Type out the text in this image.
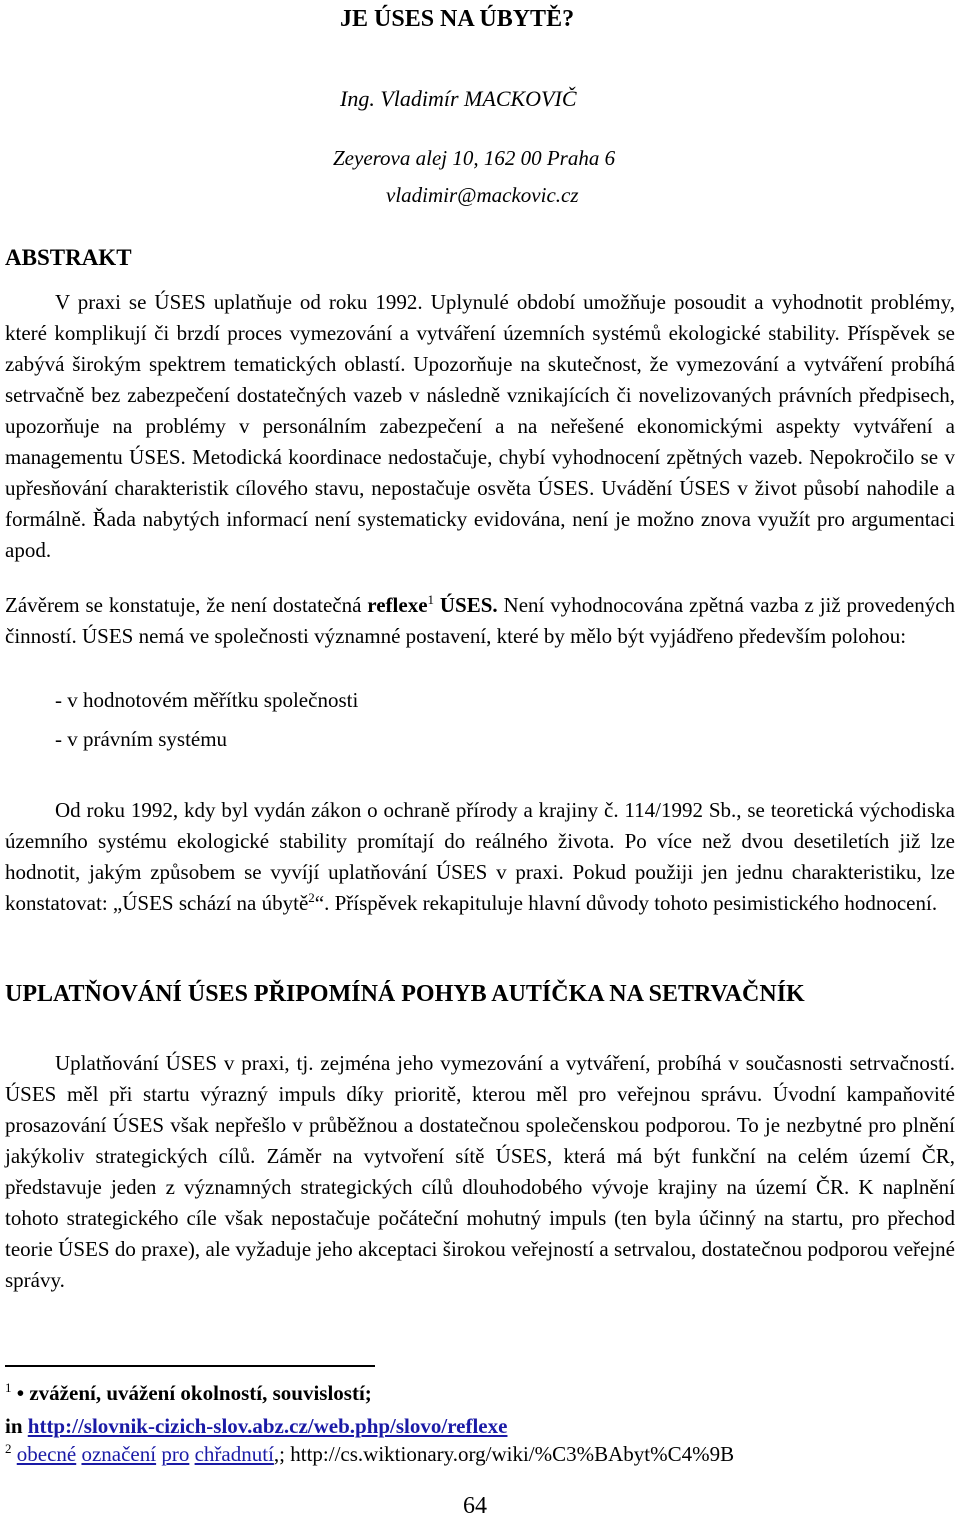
JE ÚSES NA ÚBYTĚ?
Ing. Vladimír MACKOVIČ
Zeyerova alej 10, 162 00 Praha 6
vladimir@mackovic.cz
ABSTRAKT
V praxi se ÚSES uplatňuje od roku 1992. Uplynulé období umožňuje posoudit a vyhodnotit problémy, které komplikují či brzdí proces vymezování a vytváření územních systémů ekologické stability. Příspěvek se zabývá širokým spektrem tematických oblastí. Upozorňuje na skutečnost, že vymezování a vytváření probíhá setrvačně bez zabezpečení dostatečných vazeb v následně vznikajících či novelizovaných právních předpisech, upozorňuje na problémy v personálním zabezpečení a na neřešené ekonomickými aspekty vytváření a managementu ÚSES. Metodická koordinace nedostačuje, chybí vyhodnocení zpětných vazeb. Nepokročilo se v upřesňování charakteristik cílového stavu, nepostačuje osvěta ÚSES. Uvádění ÚSES v život působí nahodile a formálně. Řada nabytých informací není systematicky evidována, není je možno znova využít pro argumentaci apod.
Závěrem se konstatuje, že není dostatečná reflexe$^1$ ÚSES. Není vyhodnocována zpětná vazba z již provedených činností. ÚSES nemá ve společnosti významné postavení, které by mělo být vyjádřeno především polohou:
- v hodnotovém měřítku společnosti
- v právním systému
Od roku 1992, kdy byl vydán zákon o ochraně přírody a krajiny č. 114/1992 Sb., se teoretická východiska územního systému ekologické stability promítají do reálného života. Po více než dvou desetiletích již lze hodnotit, jakým způsobem se vyvíjí uplatňování ÚSES v praxi. Pokud použiji jen jednu charakteristiku, lze konstatovat: „ÚSES schází na úbytě$^2$“. Příspěvek rekapituluje hlavní důvody tohoto pesimistického hodnocení.
UPLATŇOVÁNÍ ÚSES PŘIPOMÍNÁ POHYB AUTÍČKA NA SETRVAČNÍK
Uplatňování ÚSES v praxi, tj. zejména jeho vymezování a vytváření, probíhá v současnosti setrvačností. ÚSES měl při startu výrazný impuls díky prioritě, kterou měl pro veřejnou správu. Úvodní kampaňovité prosazování ÚSES však nepřešlo v průběžnou a dostatečnou společenskou podporou. To je nezbytné pro plnění jakýkoliv strategických cílů. Záměr na vytvoření sítě ÚSES, která má být funkční na celém území ČR, představuje jeden z významných strategických cílů dlouhodobého vývoje krajiny na území ČR. K naplnění tohoto strategického cíle však nepostačuje počáteční mohutný impuls (ten byla účinný na startu, pro přechod teorie ÚSES do praxe), ale vyžaduje jeho akceptaci širokou veřejností a setrvalou, dostatečnou podporou veřejné správy.
$^1$ • zvážení, uvážení okolností, souvislostí;
in http://slovnik-cizich-slov.abz.cz/web.php/slovo/reflexe
$^2$ obecné označení pro chřadnutí,; http://cs.wiktionary.org/wiki/%C3%BAbyt%C4%9B
64
